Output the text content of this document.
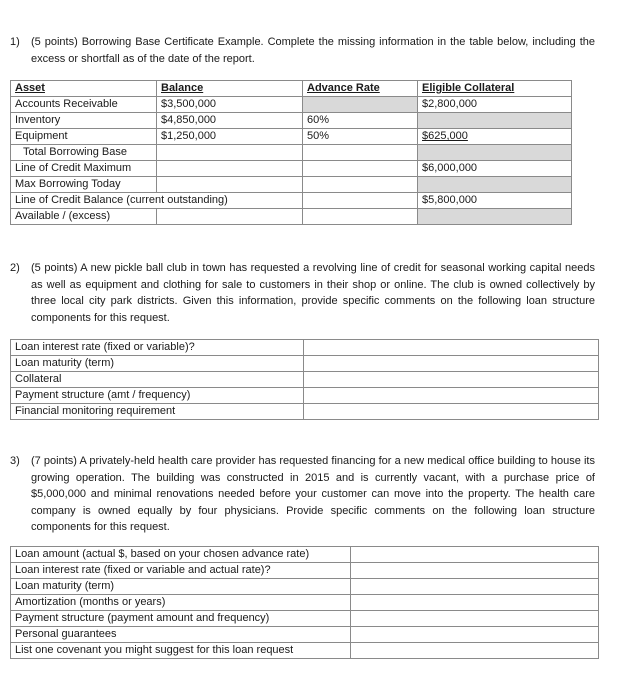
1) (5 points) Borrowing Base Certificate Example. Complete the missing information in the table below, including the excess or shortfall as of the date of the report.
Asset	Balance	Advance Rate	Eligible Collateral
Accounts Receivable	$3,500,000		$2,800,000
Inventory	$4,850,000	60%	
Equipment	$1,250,000	50%	$625,000
Total Borrowing Base			
Line of Credit Maximum			$6,000,000
Max Borrowing Today			
Line of Credit Balance (current outstanding)			$5,800,000
Available / (excess)			
2) (5 points) A new pickle ball club in town has requested a revolving line of credit for seasonal working capital needs as well as equipment and clothing for sale to customers in their shop or online. The club is owned collectively by three local city park districts. Given this information, provide specific comments on the following loan structure components for this request.
Loan interest rate (fixed or variable)?	
Loan maturity (term)	
Collateral	
Payment structure (amt / frequency)	
Financial monitoring requirement	
3) (7 points) A privately-held health care provider has requested financing for a new medical office building to house its growing operation. The building was constructed in 2015 and is currently vacant, with a purchase price of $5,000,000 and minimal renovations needed before your customer can move into the property. The health care company is owned equally by four physicians. Provide specific comments on the following loan structure components for this request.
Loan amount (actual $, based on your chosen advance rate)	
Loan interest rate (fixed or variable and actual rate)?	
Loan maturity (term)	
Amortization (months or years)	
Payment structure (payment amount and frequency)	
Personal guarantees	
List one covenant you might suggest for this loan request	
